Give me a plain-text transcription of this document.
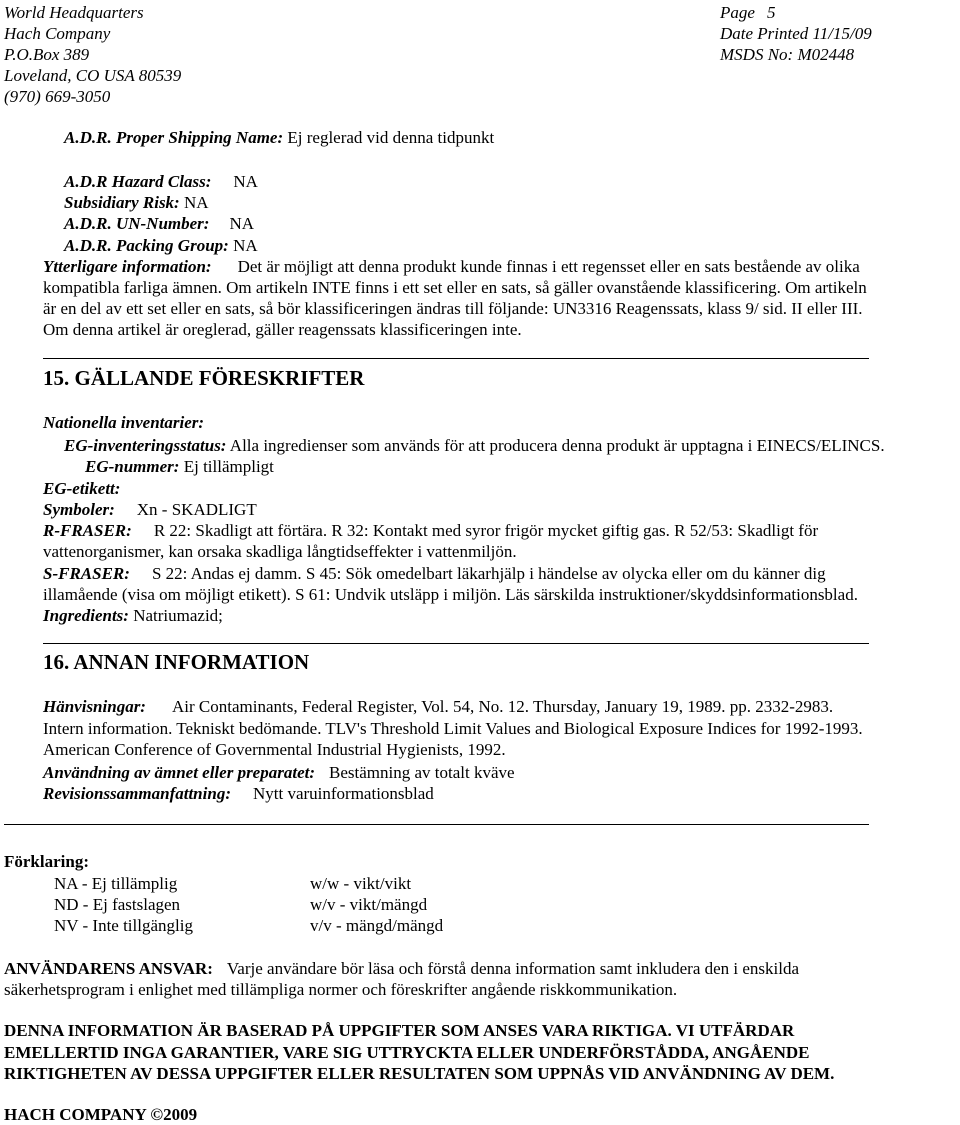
World Headquarters
Hach Company
P.O.Box 389
Loveland, CO USA 80539
(970) 669-3050
Page 5
Date Printed 11/15/09
MSDS No: M02448
A.D.R. Proper Shipping Name: Ej reglerad vid denna tidpunkt
A.D.R Hazard Class: NA
Subsidiary Risk: NA
A.D.R. UN-Number: NA
A.D.R. Packing Group: NA
Ytterligare information: Det är möjligt att denna produkt kunde finnas i ett regensset eller en sats bestående av olika
kompatibla farliga ämnen. Om artikeln INTE finns i ett set eller en sats, så gäller ovanstående klassificering. Om artikeln
är en del av ett set eller en sats, så bör klassificeringen ändras till följande: UN3316 Reagenssats, klass 9/ sid. II eller III.
Om denna artikel är oreglerad, gäller reagenssats klassificeringen inte.
15. GÄLLANDE FÖRESKRIFTER
Nationella inventarier:
EG-inventeringsstatus: Alla ingredienser som används för att producera denna produkt är upptagna i EINECS/ELINCS.
EG-nummer: Ej tillämpligt
EG-etikett:
Symboler: Xn - SKADLIGT
R-FRASER: R 22: Skadligt att förtära. R 32: Kontakt med syror frigör mycket giftig gas. R 52/53: Skadligt för
vattenorganismer, kan orsaka skadliga långtidseffekter i vattenmiljön.
S-FRASER: S 22: Andas ej damm. S 45: Sök omedelbart läkarhjälp i händelse av olycka eller om du känner dig
illamående (visa om möjligt etikett). S 61: Undvik utsläpp i miljön. Läs särskilda instruktioner/skyddsinformationsblad.
Ingredients: Natriumazid;
16. ANNAN INFORMATION
Hänvisningar: Air Contaminants, Federal Register, Vol. 54, No. 12. Thursday, January 19, 1989. pp. 2332-2983.
Intern information. Tekniskt bedömande. TLV's Threshold Limit Values and Biological Exposure Indices for 1992-1993.
American Conference of Governmental Industrial Hygienists, 1992.
Användning av ämnet eller preparatet: Bestämning av totalt kväve
Revisionssammanfattning: Nytt varuinformationsblad
Förklaring:
NA - Ej tillämplig
ND - Ej fastslagen
NV - Inte tillgänglig
w/w - vikt/vikt
w/v - vikt/mängd
v/v - mängd/mängd
ANVÄNDARENS ANSVAR: Varje användare bör läsa och förstå denna information samt inkludera den i enskilda
säkerhetsprogram i enlighet med tillämpliga normer och föreskrifter angående riskkommunikation.
DENNA INFORMATION ÄR BASERAD PÅ UPPGIFTER SOM ANSES VARA RIKTIGA. VI UTFÄRDAR
EMELLERTID INGA GARANTIER, VARE SIG UTTRYCKTA ELLER UNDERFÖRSTÅDDA, ANGÅENDE
RIKTIGHETEN AV DESSA UPPGIFTER ELLER RESULTATEN SOM UPPNÅS VID ANVÄNDNING AV DEM.
HACH COMPANY ©2009
